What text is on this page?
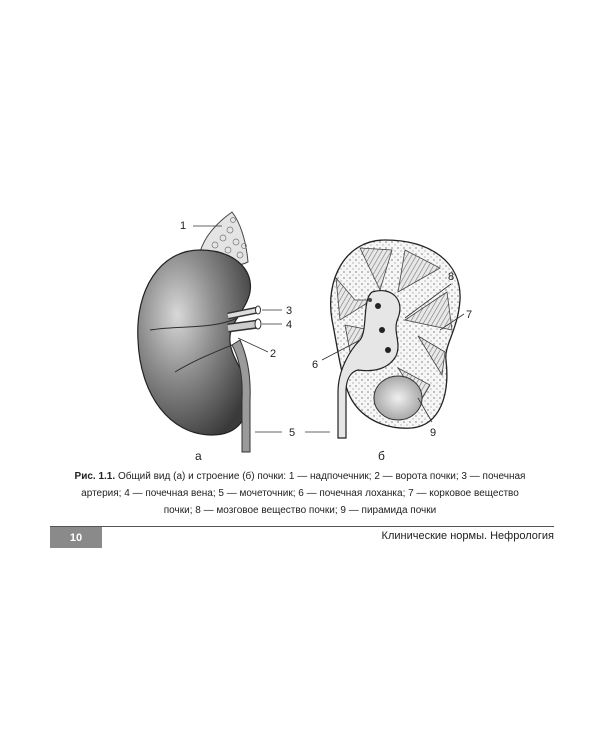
1
3
4
2
5
8
7
6
9
а	б
Рис. 1.1. Общий вид (а) и строение (б) почки: 1 — надпочечник; 2 — ворота почки; 3 — почечная артерия; 4 — почечная вена; 5 — мочеточник; 6 — почечная лоханка; 7 — корковое вещество почки; 8 — мозговое вещество почки; 9 — пирамида почки
10	Клинические нормы. Нефрология
